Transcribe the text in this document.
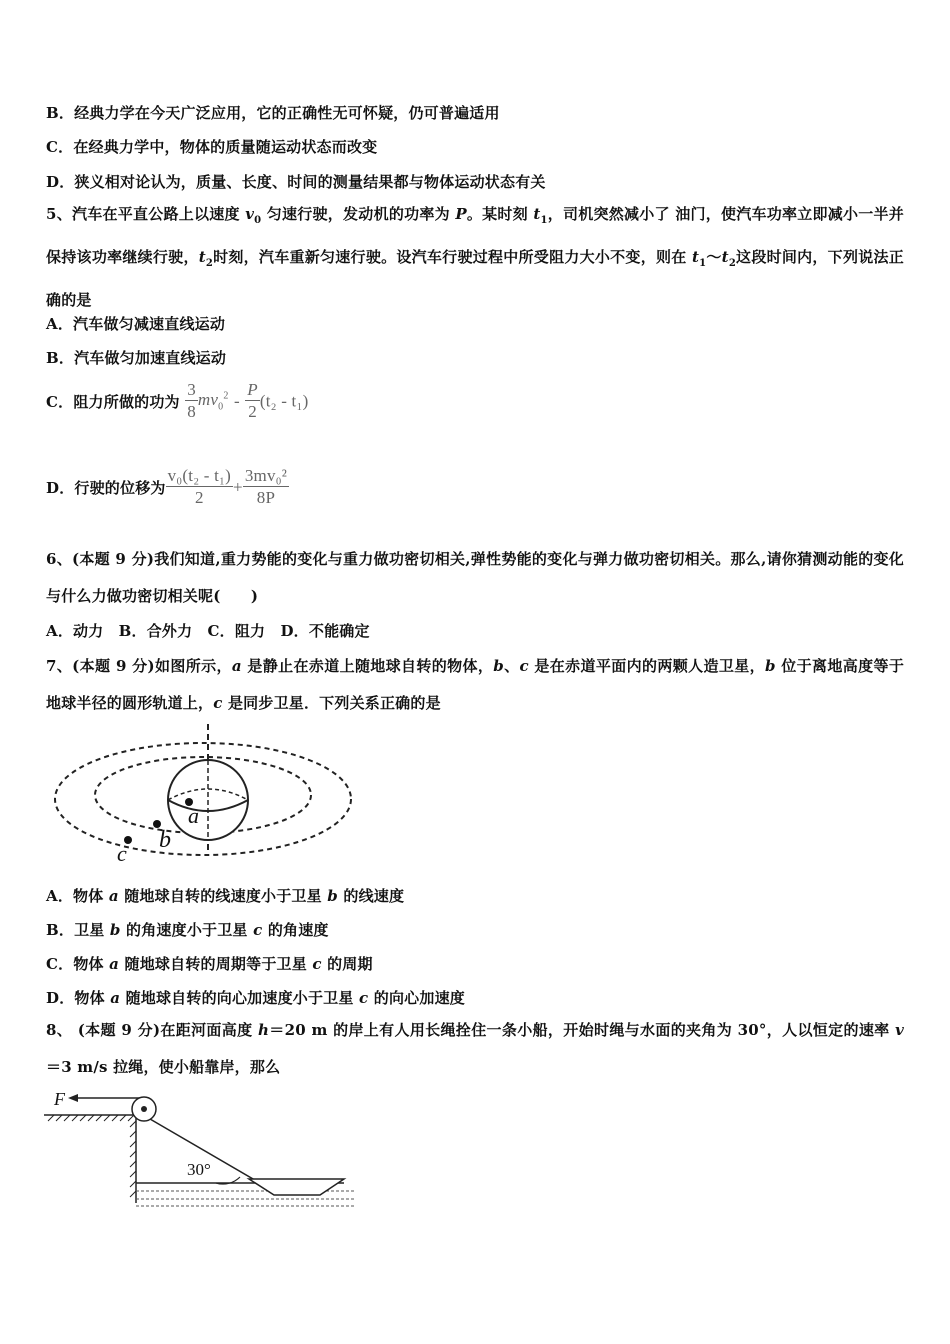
B．经典力学在今天广泛应用，它的正确性无可怀疑，仍可普遍适用
C．在经典力学中，物体的质量随运动状态而改变
D．狭义相对论认为，质量、长度、时间的测量结果都与物体运动状态有关
5、汽车在平直公路上以速度 $v_0$ 匀速行驶，发动机的功率为 P。某时刻 $t_1$，司机突然减小了 油门，使汽车功率立即减小一半并保持该功率继续行驶，$t_2$时刻，汽车重新匀速行驶。设汽车行驶过程中所受阻力大小不变，则在 $t_1\sim t_2$这段时间内，下列说法正确的是
A．汽车做匀减速直线运动
B．汽车做匀加速直线运动
C．阻力所做的功为 $\frac{3}{8} mv_0^2 - \frac{P}{2} (t_2 - t_1)$
D．行驶的位移为 $\frac{\text{v₀(t₂ - t₁)}}{2} + \frac{\text{3mv₀²}}{8P}$
6、(本题 9 分)我们知道,重力势能的变化与重力做功密切相关,弹性势能的变化与弹力做功密切相关。那么,请你猜测动能的变化与什么力做功密切相关呢(　　)
A．动力　B．合外力　C．阻力　D．不能确定
7、(本题 9 分)如图所示，a 是静止在赤道上随地球自转的物体，b、c 是在赤道平面内的两颗人造卫星，b 位于离地高度等于地球半径的圆形轨道上，c 是同步卫星．下列关系正确的是
a
b
c
A．物体 a 随地球自转的线速度小于卫星 b 的线速度
B．卫星 b 的角速度小于卫星 c 的角速度
C．物体 a 随地球自转的周期等于卫星 c 的周期
D．物体 a 随地球自转的向心加速度小于卫星 c 的向心加速度
8、 (本题 9 分)在距河面高度 h＝20 m 的岸上有人用长绳拴住一条小船，开始时绳与水面的夹角为 30°，人以恒定的速率 v＝3 m/s 拉绳，使小船靠岸，那么
F
30°
